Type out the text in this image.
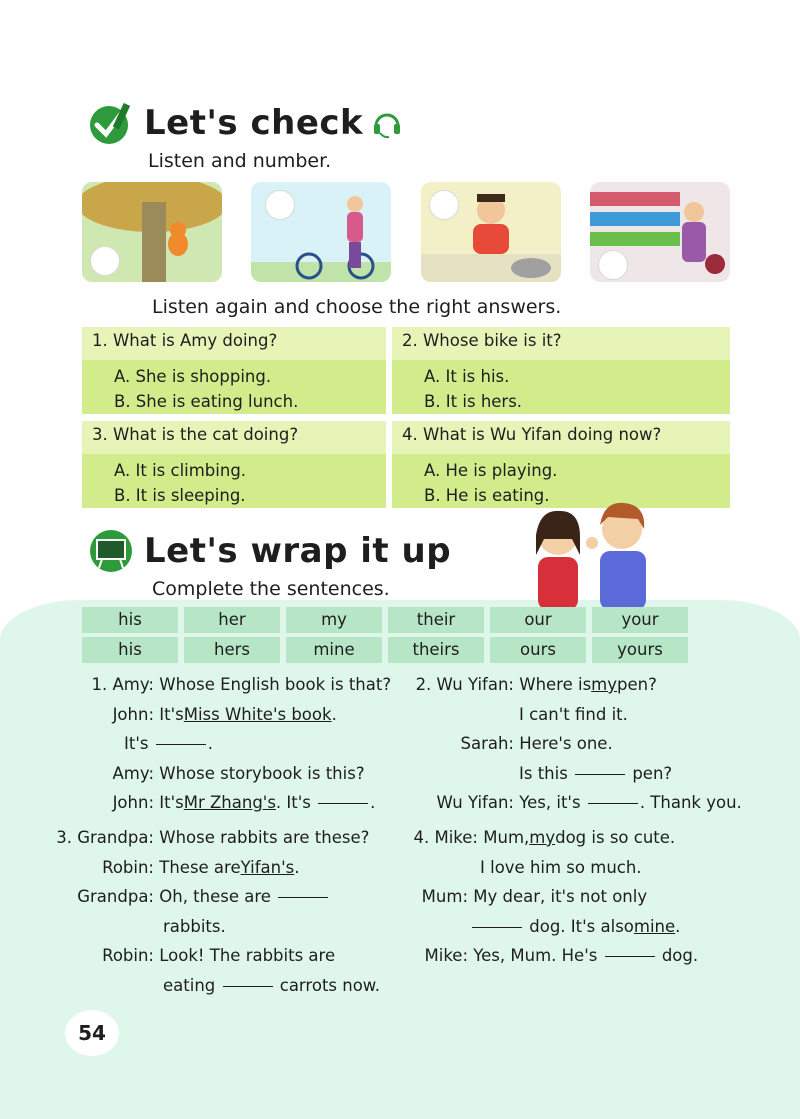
Let's check
Listen and number.
Listen again and choose the right answers.
1. What is Amy doing?
A. She is shopping.
B. She is eating lunch.
2. Whose bike is it?
A. It is his.
B. It is hers.
3. What is the cat doing?
A. It is climbing.
B. It is sleeping.
4. What is Wu Yifan doing now?
A. He is playing.
B. He is eating.
Let's wrap it up
Complete the sentences.
his	her	my	their	our	your
his	hers	mine	theirs	ours	yours
1. Amy:
Whose English book is that?
John:
It's Miss White's book .
It's
	.
Amy:
Whose storybook is this?
John:
It's Mr Zhang's . It's
	.
2. Wu Yifan:
Where is my pen?
I can't find it.
Sarah:
Here's one.
Is this

	pen?
Wu Yifan:
Yes, it's
	. Thank you.
3. Grandpa:
Whose rabbits are these?
Robin:
These are Yifan's .
Grandpa:
Oh, these are

rabbits.
Robin:
Look! The rabbits are
eating

	carrots now.
4. Mike:
Mum, my dog is so cute.
I love him so much.
Mum:
My dear, it's not only

dog. It's also mine .
Mike:
Yes, Mum. He's

	dog.
54
